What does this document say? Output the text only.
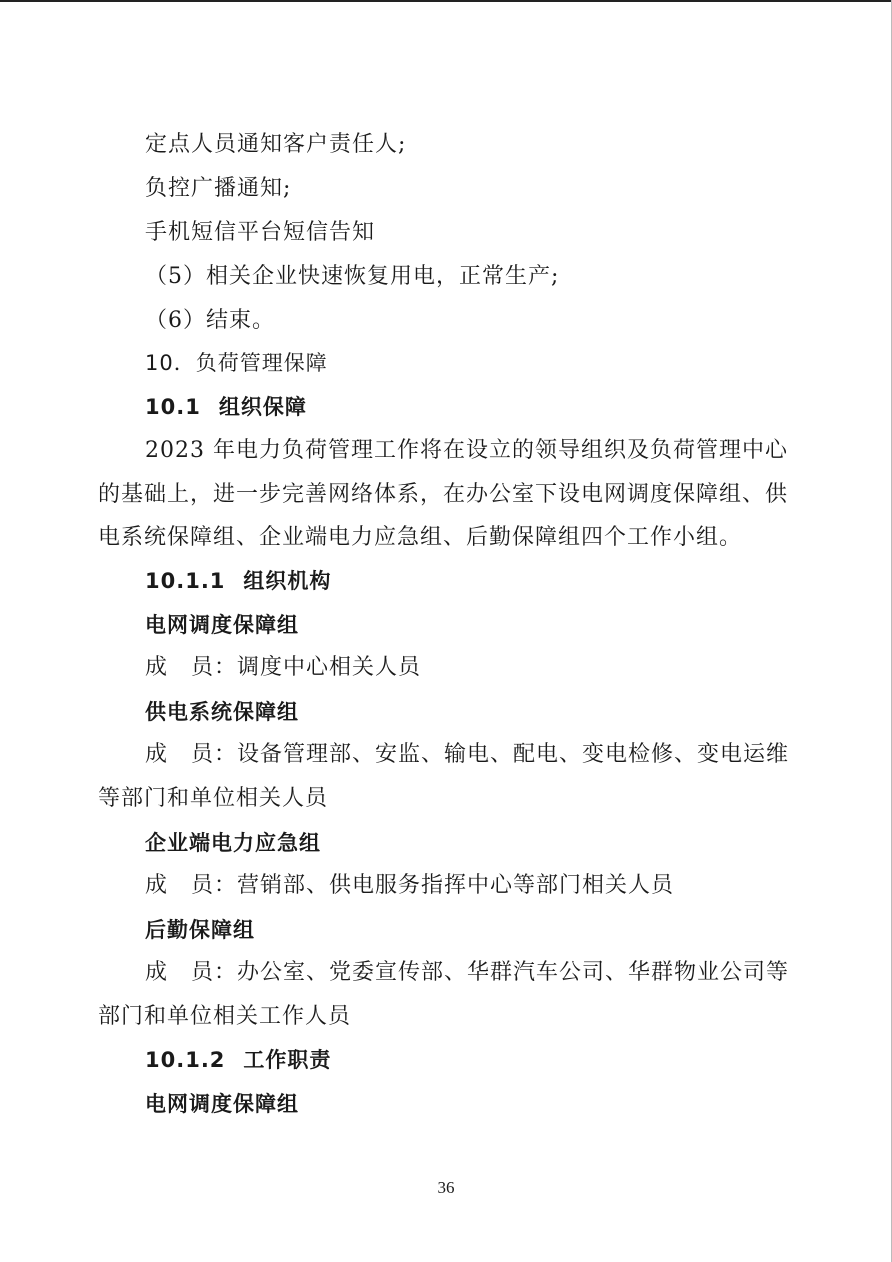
定点人员通知客户责任人;
负控广播通知;
手机短信平台短信告知
（5）相关企业快速恢复用电，正常生产;
（6）结束。
10．负荷管理保障
10.1 组织保障
2023 年电力负荷管理工作将在设立的领导组织及负荷管理中心
的基础上，进一步完善网络体系，在办公室下设电网调度保障组、供
电系统保障组、企业端电力应急组、后勤保障组四个工作小组。
10.1.1 组织机构
电网调度保障组
成　员：调度中心相关人员
供电系统保障组
成　员：设备管理部、安监、输电、配电、变电检修、变电运维
等部门和单位相关人员
企业端电力应急组
成　员：营销部、供电服务指挥中心等部门相关人员
后勤保障组
成　员：办公室、党委宣传部、华群汽车公司、华群物业公司等
部门和单位相关工作人员
10.1.2 工作职责
电网调度保障组
36
